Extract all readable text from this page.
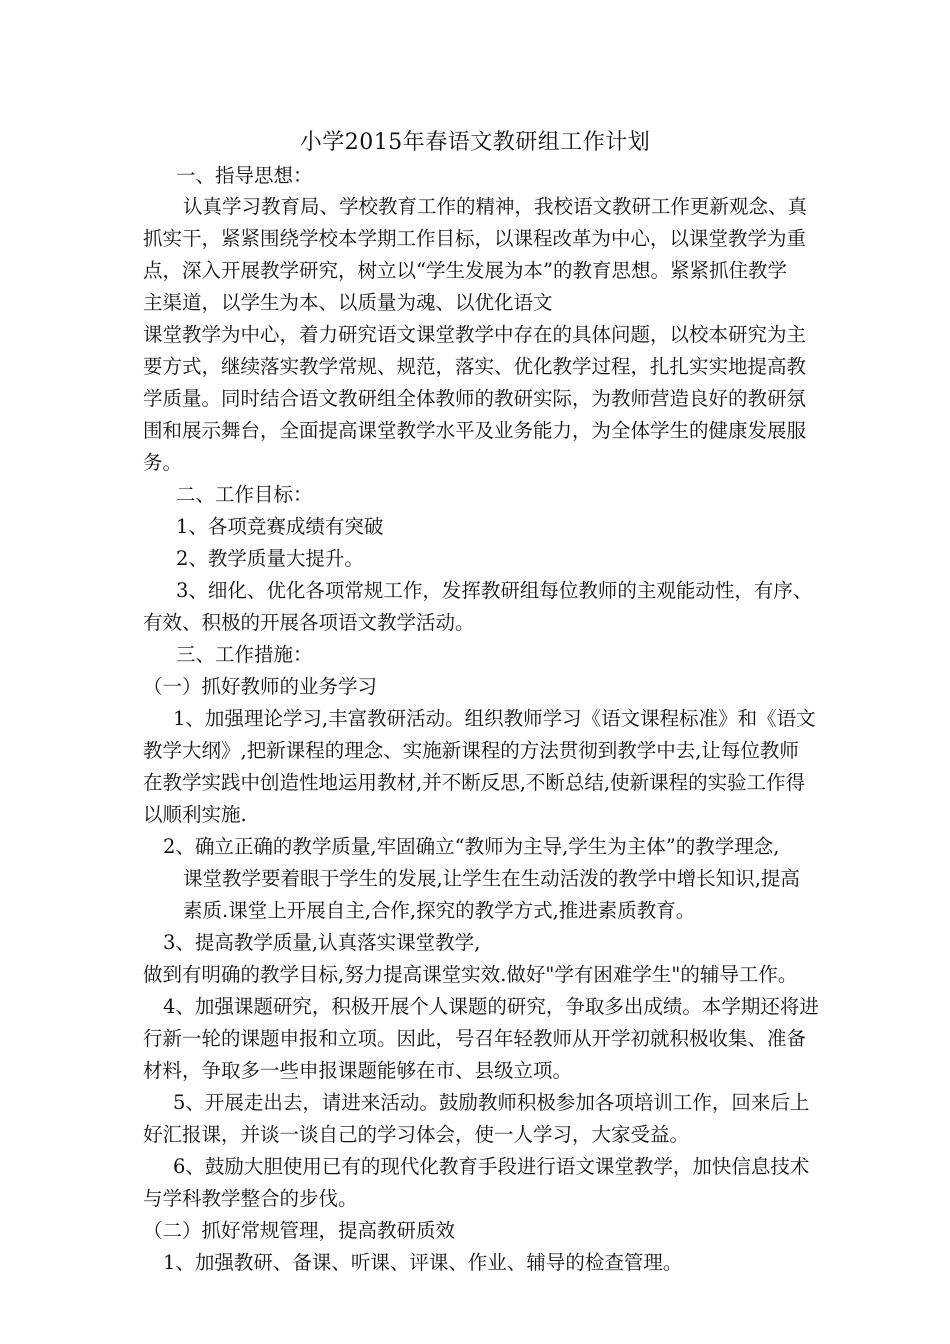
小学2015年春语文教研组工作计划
一、指导思想：
认真学习教育局、学校教育工作的精神，我校语文教研工作更新观念、真
抓实干，紧紧围绕学校本学期工作目标，以课程改革为中心，以课堂教学为重
点，深入开展教学研究，树立以“学生发展为本”的教育思想。紧紧抓住教学
主渠道，以学生为本、以质量为魂、以优化语文
课堂教学为中心，着力研究语文课堂教学中存在的具体问题，以校本研究为主
要方式，继续落实教学常规、规范，落实、优化教学过程，扎扎实实地提高教
学质量。同时结合语文教研组全体教师的教研实际，为教师营造良好的教研氛
围和展示舞台，全面提高课堂教学水平及业务能力，为全体学生的健康发展服
务。
二、工作目标：
1、各项竞赛成绩有突破
2、教学质量大提升。
3、细化、优化各项常规工作，发挥教研组每位教师的主观能动性，有序、
有效、积极的开展各项语文教学活动。
三、工作措施：
（一）抓好教师的业务学习
1、加强理论学习,丰富教研活动。组织教师学习《语文课程标准》和《语文
教学大纲》,把新课程的理念、实施新课程的方法贯彻到教学中去,让每位教师
在教学实践中创造性地运用教材,并不断反思,不断总结,使新课程的实验工作得
以顺利实施.
2、确立正确的教学质量,牢固确立“教师为主导,学生为主体”的教学理念,
课堂教学要着眼于学生的发展,让学生在生动活泼的教学中增长知识,提高
素质.课堂上开展自主,合作,探究的教学方式,推进素质教育。
3、提高教学质量,认真落实课堂教学,
做到有明确的教学目标,努力提高课堂实效.做好"学有困难学生"的辅导工作。
4、加强课题研究，积极开展个人课题的研究，争取多出成绩。本学期还将进
行新一轮的课题申报和立项。因此，号召年轻教师从开学初就积极收集、准备
材料，争取多一些申报课题能够在市、县级立项。
5、开展走出去，请进来活动。鼓励教师积极参加各项培训工作，回来后上
好汇报课，并谈一谈自己的学习体会，使一人学习，大家受益。
6、鼓励大胆使用已有的现代化教育手段进行语文课堂教学，加快信息技术
与学科教学整合的步伐。
（二）抓好常规管理，提高教研质效
1、加强教研、备课、听课、评课、作业、辅导的检查管理。
